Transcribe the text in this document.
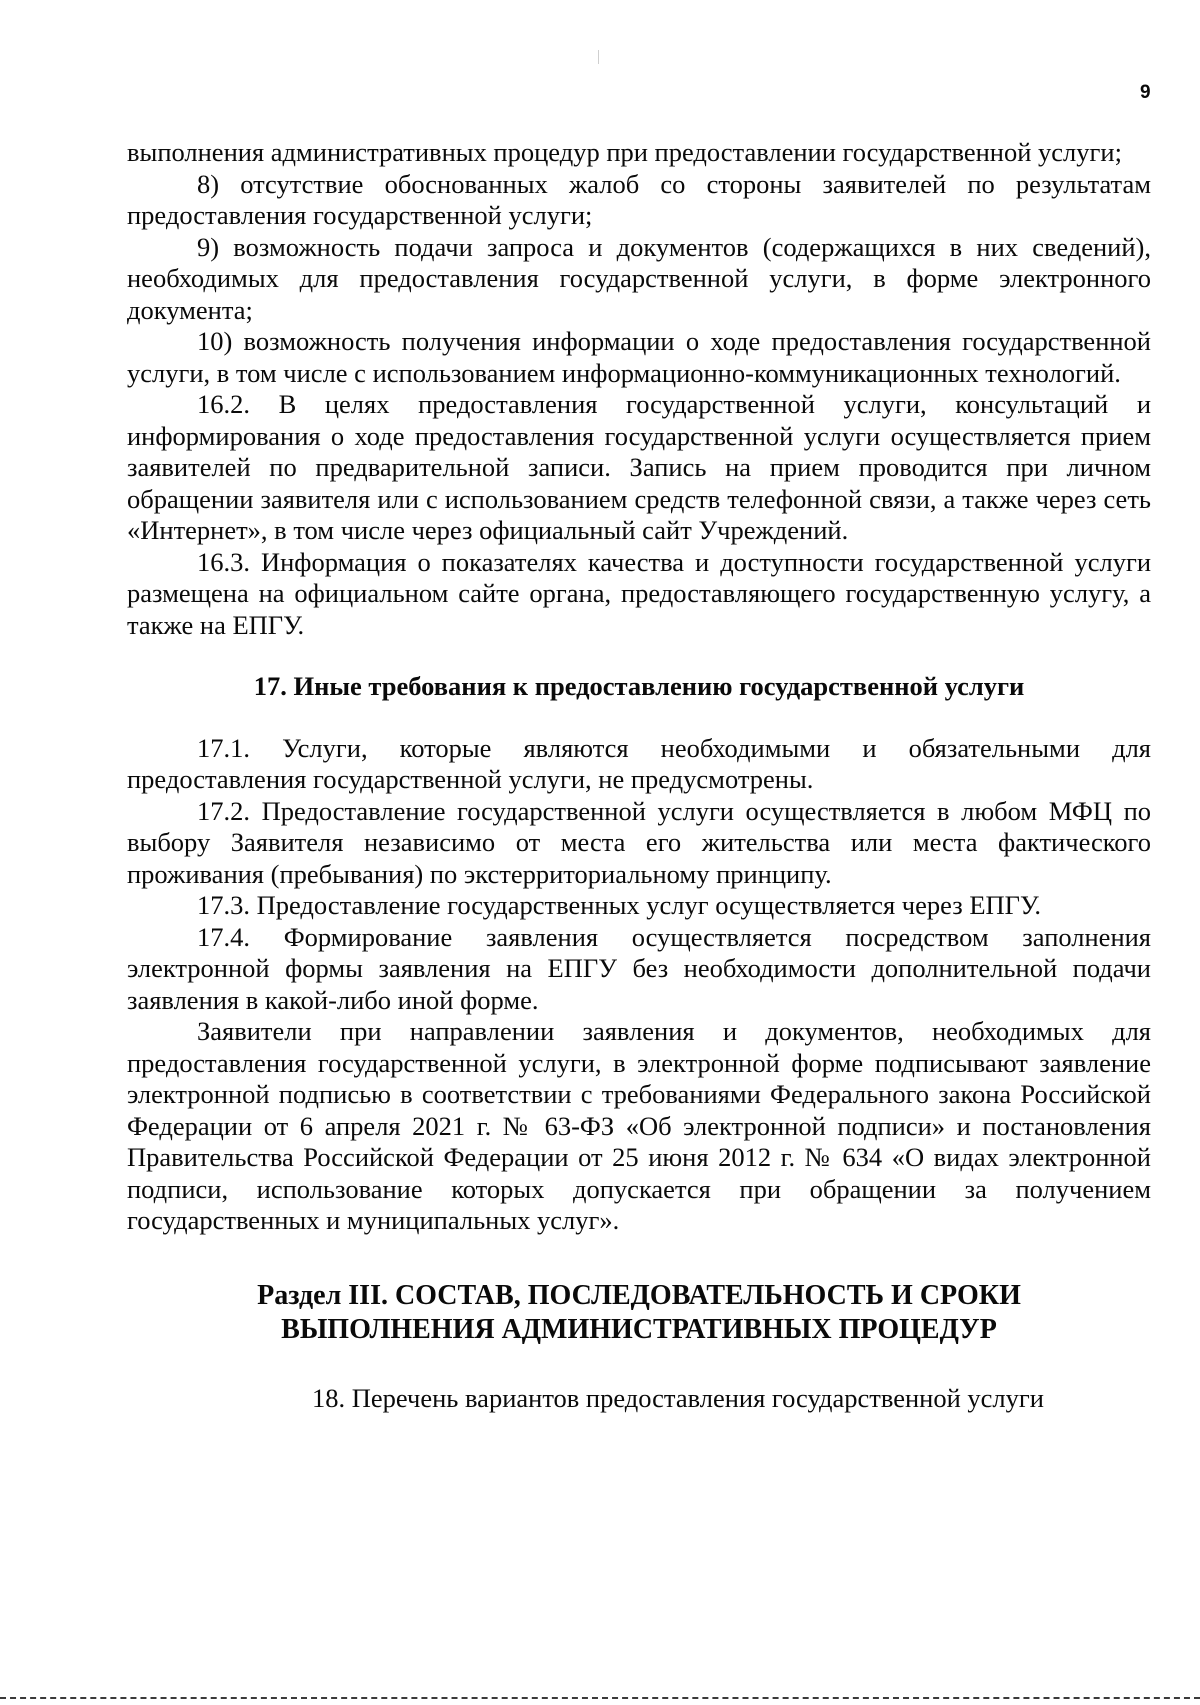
9

выполнения административных процедур при предоставлении государственной услуги;

8) отсутствие обоснованных жалоб со стороны заявителей по результатам предоставления государственной услуги;

9) возможность подачи запроса и документов (содержащихся в них сведений), необходимых для предоставления государственной услуги, в форме электронного документа;

10) возможность получения информации о ходе предоставления государственной услуги, в том числе с использованием информационно-коммуникационных технологий.

16.2. В целях предоставления государственной услуги, консультаций и информирования о ходе предоставления государственной услуги осуществляется прием заявителей по предварительной записи. Запись на прием проводится при личном обращении заявителя или с использованием средств телефонной связи, а также через сеть «Интернет», в том числе через официальный сайт Учреждений.

16.3. Информация о показателях качества и доступности государственной услуги размещена на официальном сайте органа, предоставляющего государственную услугу, а также на ЕПГУ.

17. Иные требования к предоставлению государственной услуги

17.1. Услуги, которые являются необходимыми и обязательными для предоставления государственной услуги, не предусмотрены.

17.2. Предоставление государственной услуги осуществляется в любом МФЦ по выбору Заявителя независимо от места его жительства или места фактического проживания (пребывания) по экстерриториальному принципу.

17.3. Предоставление государственных услуг осуществляется через ЕПГУ.

17.4. Формирование заявления осуществляется посредством заполнения электронной формы заявления на ЕПГУ без необходимости дополнительной подачи заявления в какой-либо иной форме.

Заявители при направлении заявления и документов, необходимых для предоставления государственной услуги, в электронной форме подписывают заявление электронной подписью в соответствии с требованиями Федерального закона Российской Федерации от 6 апреля 2021 г. № 63-ФЗ «Об электронной подписи» и постановления Правительства Российской Федерации от 25 июня 2012 г. № 634 «О видах электронной подписи, использование которых допускается при обращении за получением государственных и муниципальных услуг».

Раздел III. СОСТАВ, ПОСЛЕДОВАТЕЛЬНОСТЬ И СРОКИ
ВЫПОЛНЕНИЯ АДМИНИСТРАТИВНЫХ ПРОЦЕДУР

18. Перечень вариантов предоставления государственной услуги
